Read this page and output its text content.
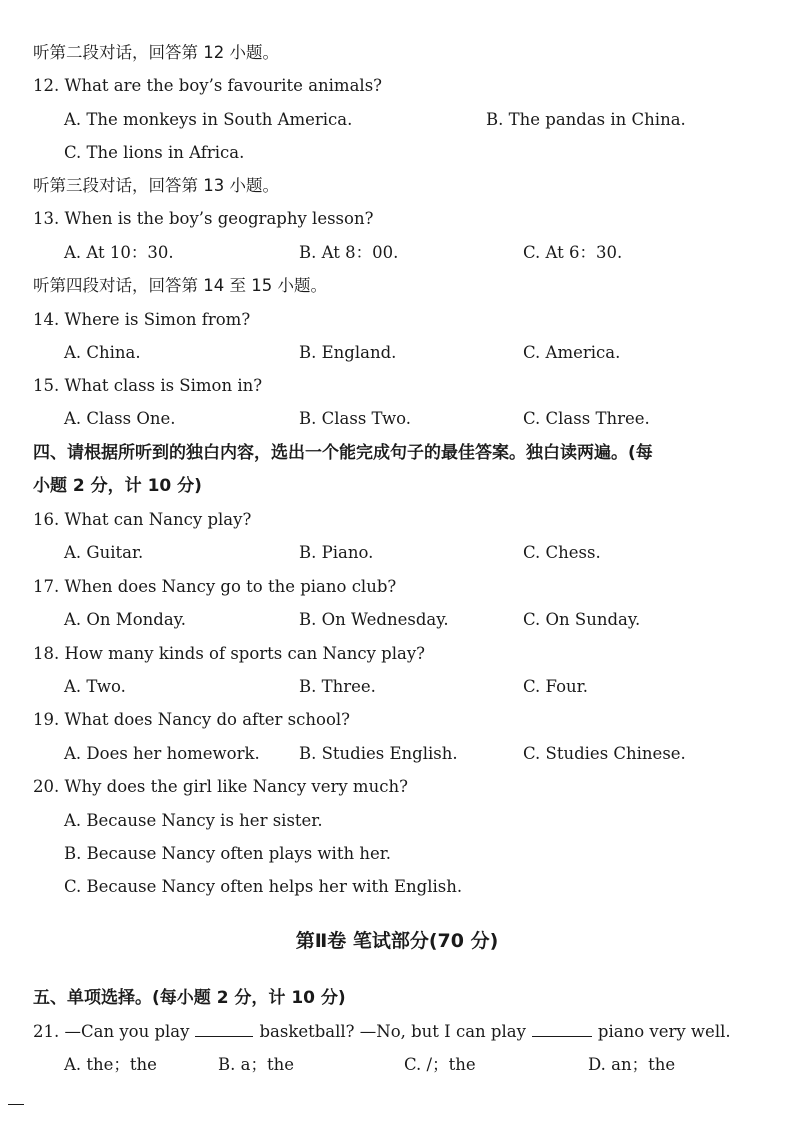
听第二段对话，回答第 12 小题。
12. What are the boy’s favourite animals?
A. The monkeys in South America.	B. The pandas in China.
C. The lions in Africa.
听第三段对话，回答第 13 小题。
13. When is the boy’s geography lesson?
A. At 10：30.	B. At 8：00.	C. At 6：30.
听第四段对话，回答第 14 至 15 小题。
14. Where is Simon from?
A. China.	B. England.	C. America.
15. What class is Simon in?
A. Class One.	B. Class Two.	C. Class Three.
四、请根据所听到的独白内容，选出一个能完成句子的最佳答案。独白读两遍。(每
小题 2 分，计 10 分)
16. What can Nancy play?
A. Guitar.	B. Piano.	C. Chess.
17. When does Nancy go to the piano club?
A. On Monday.	B. On Wednesday.	C. On Sunday.
18. How many kinds of sports can Nancy play?
A. Two.	B. Three.	C. Four.
19. What does Nancy do after school?
A. Does her homework. B. Studies English.	C. Studies Chinese.
20. Why does the girl like Nancy very much?
A. Because Nancy is her sister.
B. Because Nancy often plays with her.
C. Because Nancy often helps her with English.
第Ⅱ卷 笔试部分(70 分)
五、单项选择。(每小题 2 分，计 10 分)
21. —Can you play	basketball? —No, but I can play	piano very well.
A. the；the	B. a；the	C. /；the	D. an；the
